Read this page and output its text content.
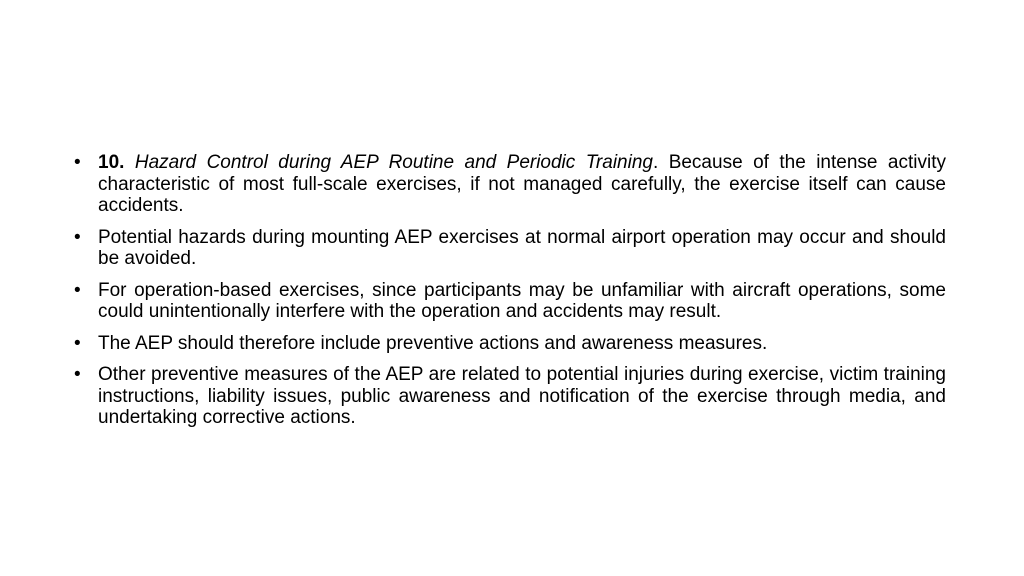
• 10. Hazard Control during AEP Routine and Periodic Training. Because of the intense activity characteristic of most full-scale exercises, if not managed carefully, the exercise itself can cause accidents.
• Potential hazards during mounting AEP exercises at normal airport operation may occur and should be avoided.
• For operation-based exercises, since participants may be unfamiliar with aircraft operations, some could unintentionally interfere with the operation and accidents may result.
• The AEP should therefore include preventive actions and awareness measures.
• Other preventive measures of the AEP are related to potential injuries during exercise, victim training instructions, liability issues, public awareness and notification of the exercise through media, and undertaking corrective actions.
